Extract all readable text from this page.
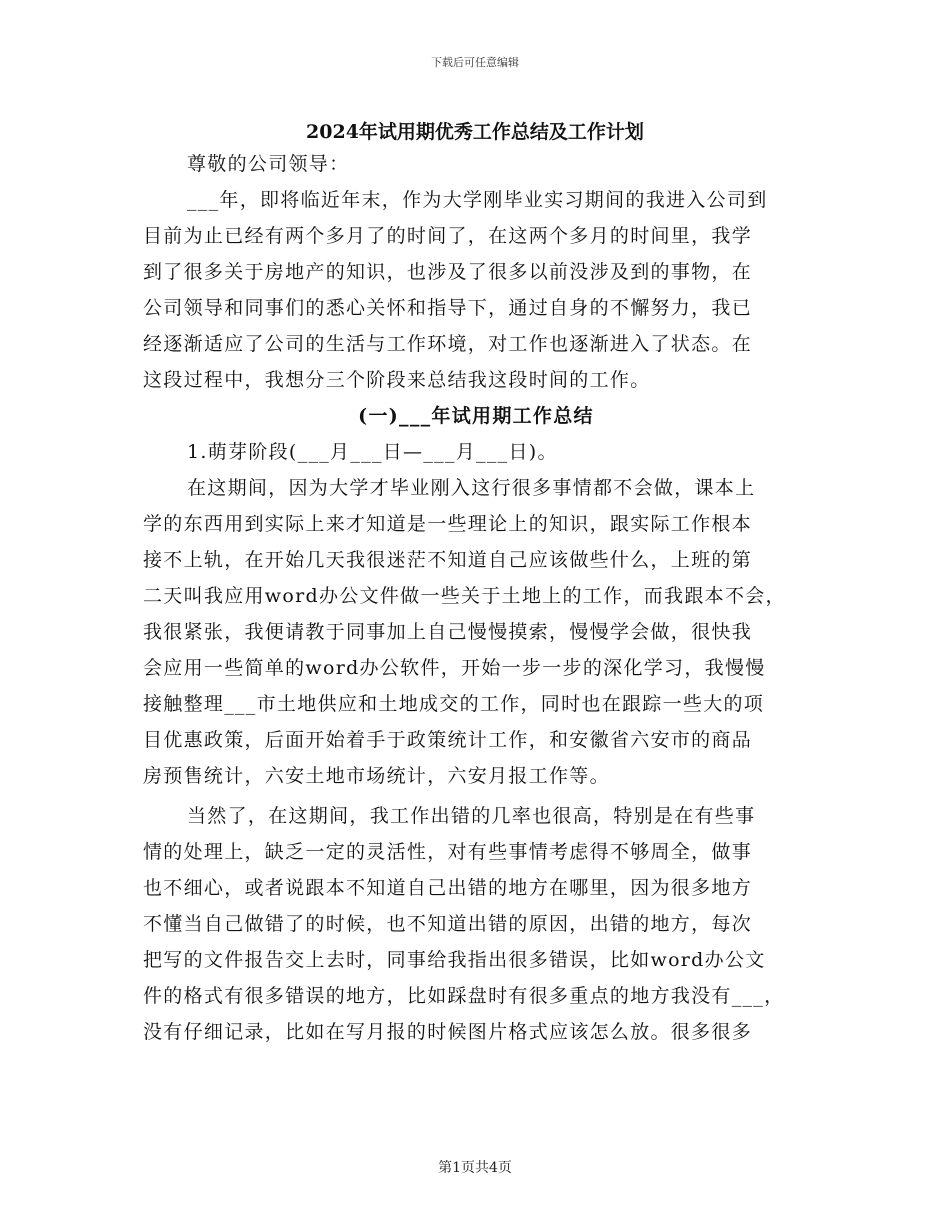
下载后可任意编辑
2024年试用期优秀工作总结及工作计划
尊敬的公司领导：
___年，即将临近年末，作为大学刚毕业实习期间的我进入公司到
目前为止已经有两个多月了的时间了，在这两个多月的时间里，我学
到了很多关于房地产的知识，也涉及了很多以前没涉及到的事物，在
公司领导和同事们的悉心关怀和指导下，通过自身的不懈努力，我已
经逐渐适应了公司的生活与工作环境，对工作也逐渐进入了状态。在
这段过程中，我想分三个阶段来总结我这段时间的工作。
(一)___年试用期工作总结
1.萌芽阶段(___月___日—___月___日)。
在这期间，因为大学才毕业刚入这行很多事情都不会做，课本上
学的东西用到实际上来才知道是一些理论上的知识，跟实际工作根本
接不上轨，在开始几天我很迷茫不知道自己应该做些什么，上班的第
二天叫我应用word办公文件做一些关于土地上的工作，而我跟本不会，
我很紧张，我便请教于同事加上自己慢慢摸索，慢慢学会做，很快我
会应用一些简单的word办公软件，开始一步一步的深化学习，我慢慢
接触整理___市土地供应和土地成交的工作，同时也在跟踪一些大的项
目优惠政策，后面开始着手于政策统计工作，和安徽省六安市的商品
房预售统计，六安土地市场统计，六安月报工作等。
当然了，在这期间，我工作出错的几率也很高，特别是在有些事
情的处理上，缺乏一定的灵活性，对有些事情考虑得不够周全，做事
也不细心，或者说跟本不知道自己出错的地方在哪里，因为很多地方
不懂当自己做错了的时候，也不知道出错的原因，出错的地方，每次
把写的文件报告交上去时，同事给我指出很多错误，比如word办公文
件的格式有很多错误的地方，比如踩盘时有很多重点的地方我没有___，
没有仔细记录，比如在写月报的时候图片格式应该怎么放。很多很多
第1页共4页
